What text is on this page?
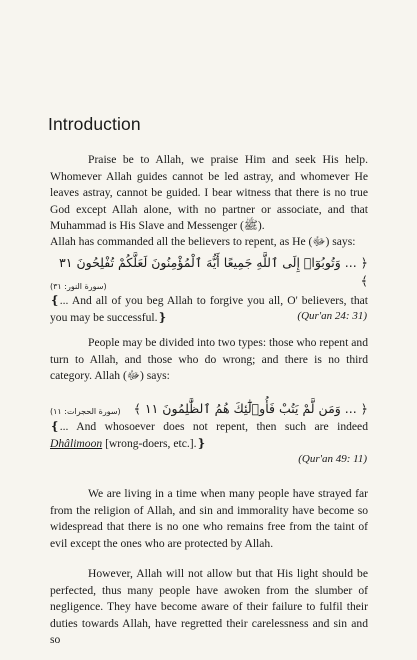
Introduction
Praise be to Allah, we praise Him and seek His help. Whomever Allah guides cannot be led astray, and whomever He leaves astray, cannot be guided. I bear witness that there is no true God except Allah alone, with no partner or associate, and that Muhammad is His Slave and Messenger (ﷺ).
Allah has commanded all the believers to repent, as He (ﷻ) says:
﴿ ... وَتُوبُوٓا۟ إِلَى ٱللَّهِ جَمِيعًا أَيُّهَ ٱلْمُؤْمِنُونَ لَعَلَّكُمْ تُفْلِحُونَ ٣١ ﴾
(سورة النور: ٣١)
❴... And all of you beg Allah to forgive you all, O' believers, that you may be successful.❵	(Qur'an 24: 31)
People may be divided into two types: those who repent and turn to Allah, and those who do wrong; and there is no third category. Allah (ﷻ) says:
﴿ ... وَمَن لَّمْ يَتُبْ فَأُو۟لَٰٓئِكَ هُمُ ٱلظَّٰلِمُونَ ١١ ﴾
(سورة الحجرات: ١١)
❴... And whosoever does not repent, then such are indeed Dhâlimoon [wrong-doers, etc.].❵
(Qur'an 49: 11)
We are living in a time when many people have strayed far from the religion of Allah, and sin and immorality have become so widespread that there is no one who remains free from the taint of evil except the ones who are protected by Allah.
However, Allah will not allow but that His light should be perfected, thus many people have awoken from the slumber of negligence. They have become aware of their failure to fulfil their duties towards Allah, have regretted their carelessness and sin and so
